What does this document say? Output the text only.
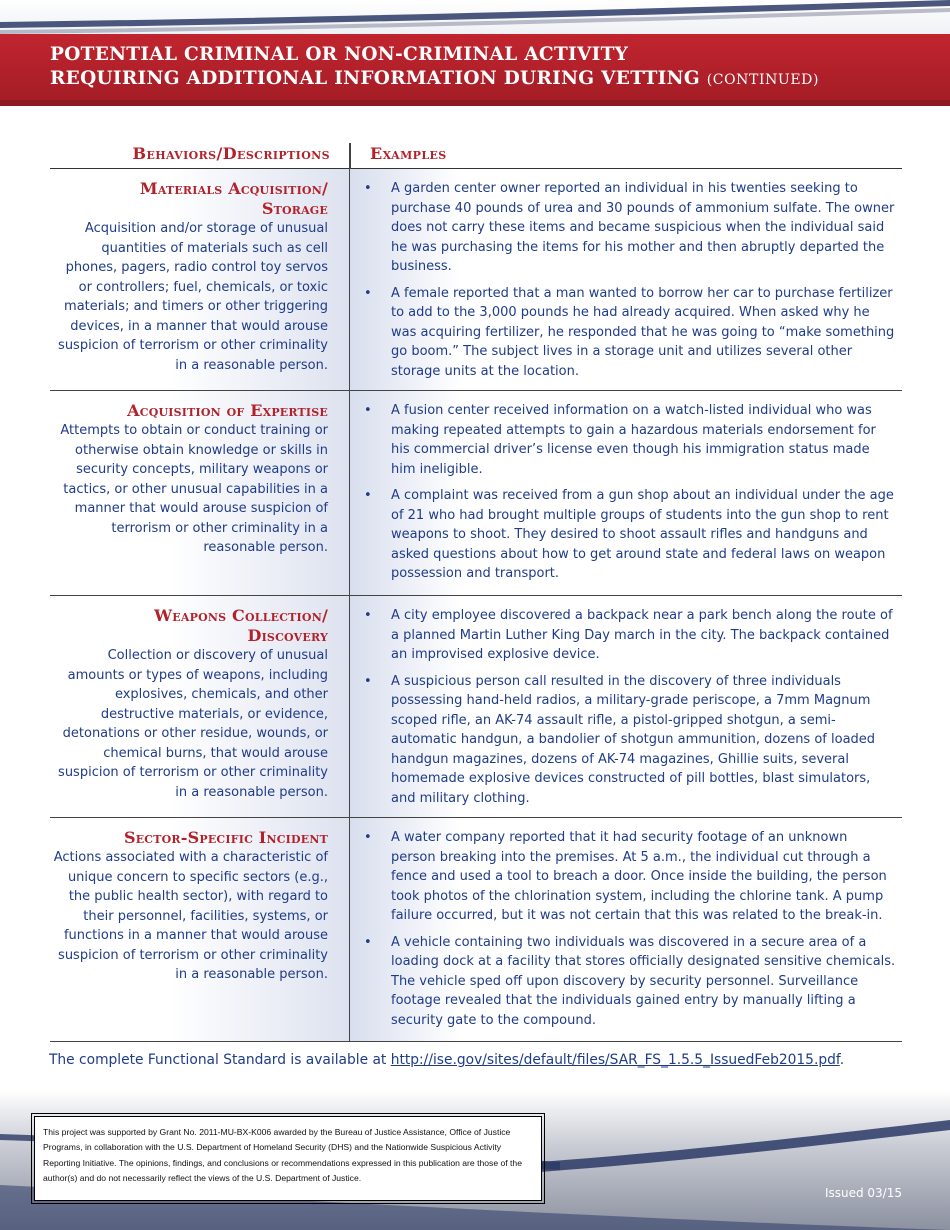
POTENTIAL CRIMINAL OR NON-CRIMINAL ACTIVITY
REQUIRING ADDITIONAL INFORMATION DURING VETTING (CONTINUED)
Behaviors/Descriptions	Examples
Materials Acquisition/ Storage
Acquisition and/or storage of unusual quantities of materials such as cell phones, pagers, radio control toy servos or controllers; fuel, chemicals, or toxic materials; and timers or other triggering devices, in a manner that would arouse suspicion of terrorism or other criminality in a reasonable person.
• A garden center owner reported an individual in his twenties seeking to purchase 40 pounds of urea and 30 pounds of ammonium sulfate. The owner does not carry these items and became suspicious when the individual said he was purchasing the items for his mother and then abruptly departed the business.
• A female reported that a man wanted to borrow her car to purchase fertilizer to add to the 3,000 pounds he had already acquired. When asked why he was acquiring fertilizer, he responded that he was going to “make something go boom.” The subject lives in a storage unit and utilizes several other storage units at the location.
Acquisition of Expertise
Attempts to obtain or conduct training or otherwise obtain knowledge or skills in security concepts, military weapons or tactics, or other unusual capabilities in a manner that would arouse suspicion of terrorism or other criminality in a reasonable person.
• A fusion center received information on a watch-listed individual who was making repeated attempts to gain a hazardous materials endorsement for his commercial driver’s license even though his immigration status made him ineligible.
• A complaint was received from a gun shop about an individual under the age of 21 who had brought multiple groups of students into the gun shop to rent weapons to shoot. They desired to shoot assault rifles and handguns and asked questions about how to get around state and federal laws on weapon possession and transport.
Weapons Collection/ Discovery
Collection or discovery of unusual amounts or types of weapons, including explosives, chemicals, and other destructive materials, or evidence, detonations or other residue, wounds, or chemical burns, that would arouse suspicion of terrorism or other criminality in a reasonable person.
• A city employee discovered a backpack near a park bench along the route of a planned Martin Luther King Day march in the city. The backpack contained an improvised explosive device.
• A suspicious person call resulted in the discovery of three individuals possessing hand-held radios, a military-grade periscope, a 7mm Magnum scoped rifle, an AK-74 assault rifle, a pistol-gripped shotgun, a semi-automatic handgun, a bandolier of shotgun ammunition, dozens of loaded handgun magazines, dozens of AK-74 magazines, Ghillie suits, several homemade explosive devices constructed of pill bottles, blast simulators, and military clothing.
Sector-Specific Incident
Actions associated with a characteristic of unique concern to specific sectors (e.g., the public health sector), with regard to their personnel, facilities, systems, or functions in a manner that would arouse suspicion of terrorism or other criminality in a reasonable person.
• A water company reported that it had security footage of an unknown person breaking into the premises. At 5 a.m., the individual cut through a fence and used a tool to breach a door. Once inside the building, the person took photos of the chlorination system, including the chlorine tank. A pump failure occurred, but it was not certain that this was related to the break-in.
• A vehicle containing two individuals was discovered in a secure area of a loading dock at a facility that stores officially designated sensitive chemicals. The vehicle sped off upon discovery by security personnel. Surveillance footage revealed that the individuals gained entry by manually lifting a security gate to the compound.
The complete Functional Standard is available at http://ise.gov/sites/default/files/SAR_FS_1.5.5_IssuedFeb2015.pdf.
This project was supported by Grant No. 2011-MU-BX-K006 awarded by the Bureau of Justice Assistance, Office of Justice Programs, in collaboration with the U.S. Department of Homeland Security (DHS) and the Nationwide Suspicious Activity Reporting Initiative. The opinions, findings, and conclusions or recommendations expressed in this publication are those of the author(s) and do not necessarily reflect the views of the U.S. Department of Justice.
Issued 03/15
